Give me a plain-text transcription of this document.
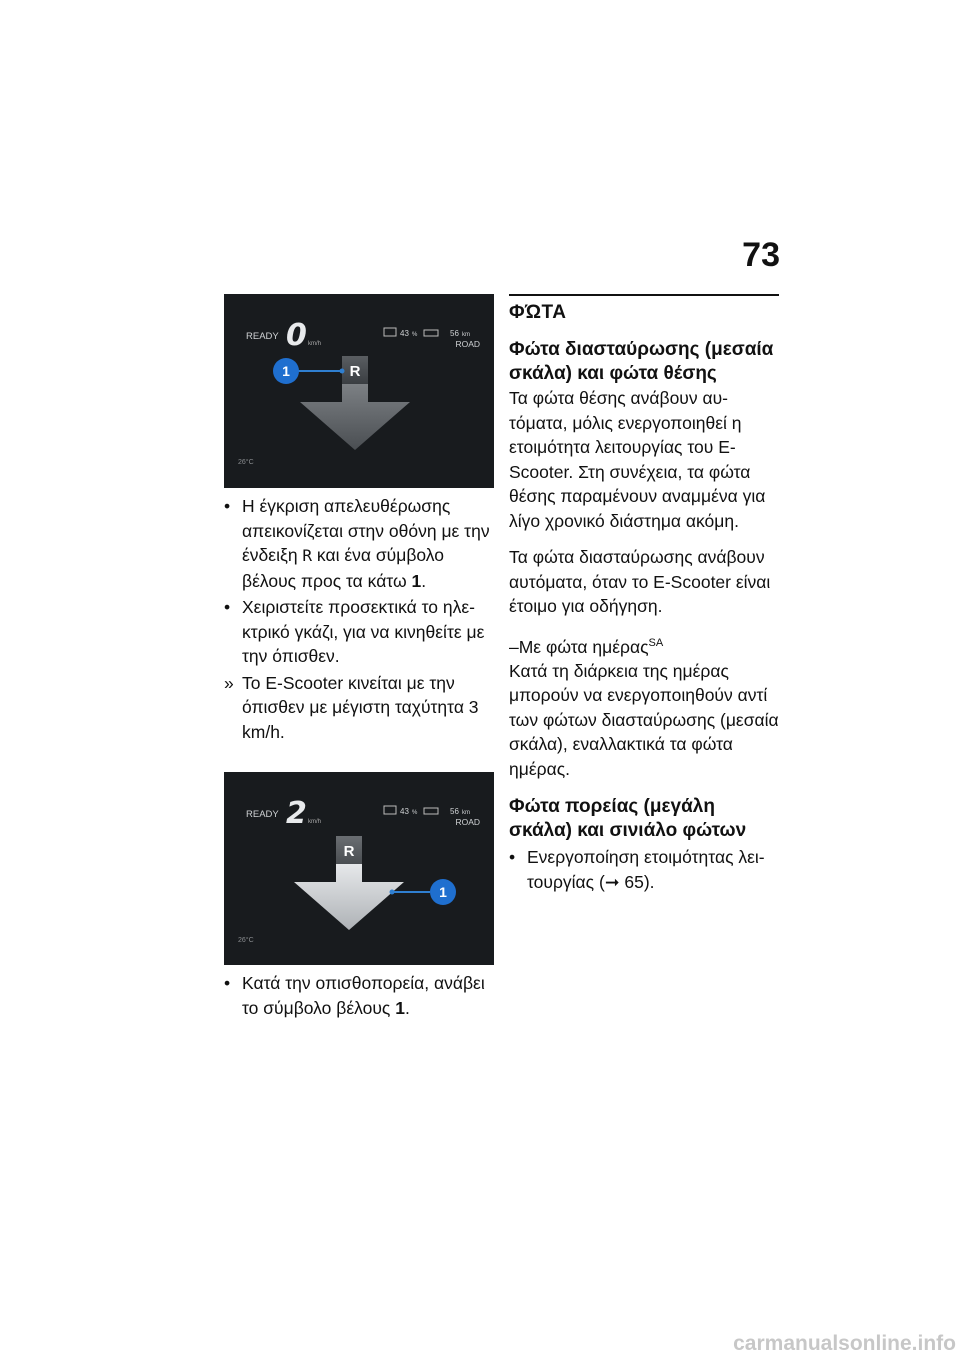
73
READY 0 km/h
43 %	56 km
ROAD
R
1
26°C
• Η έγκριση απελευθέρωσης απεικονίζεται στην οθόνη με την ένδειξη R και ένα σύμβολο βέλους προς τα κάτω 1.
• Χειριστείτε προσεκτικά το ηλε- κτρικό γκάζι, για να κινηθείτε με την όπισθεν.
» Το E-Scooter κινείται με την όπισθεν με μέγιστη ταχύτητα 3 km/h.
READY 2 km/h
43 %	56 km
ROAD
R
1
26°C
• Κατά την οπισθοπορεία, ανάβει το σύμβολο βέλους 1.
ΦΏΤΑ
Φώτα διασταύρωσης (μεσαία σκάλα) και φώτα θέσης

Τα φώτα θέσης ανάβουν αυ- τόματα, μόλις ενεργοποιηθεί η ετοιμότητα λειτουργίας του E- Scooter. Στη συνέχεια, τα φώτα θέσης παραμένουν αναμμένα για λίγο χρονικό διάστημα ακόμη.

Τα φώτα διασταύρωσης ανάβουν αυτόματα, όταν το E-Scooter είναι έτοιμο για οδήγηση.

–Με φώτα ημέρας$^{SA}$

Κατά τη διάρκεια της ημέρας μπορούν να ενεργοποιηθούν αντί των φώτων διασταύρωσης (μεσαία σκάλα), εναλλακτικά τα φώτα ημέρας.

Φώτα πορείας (μεγάλη σκάλα) και σινιάλο φώτων
• Ενεργοποίηση ετοιμότητας λει- τουργίας (➞ 65).
carmanualsonline.info
